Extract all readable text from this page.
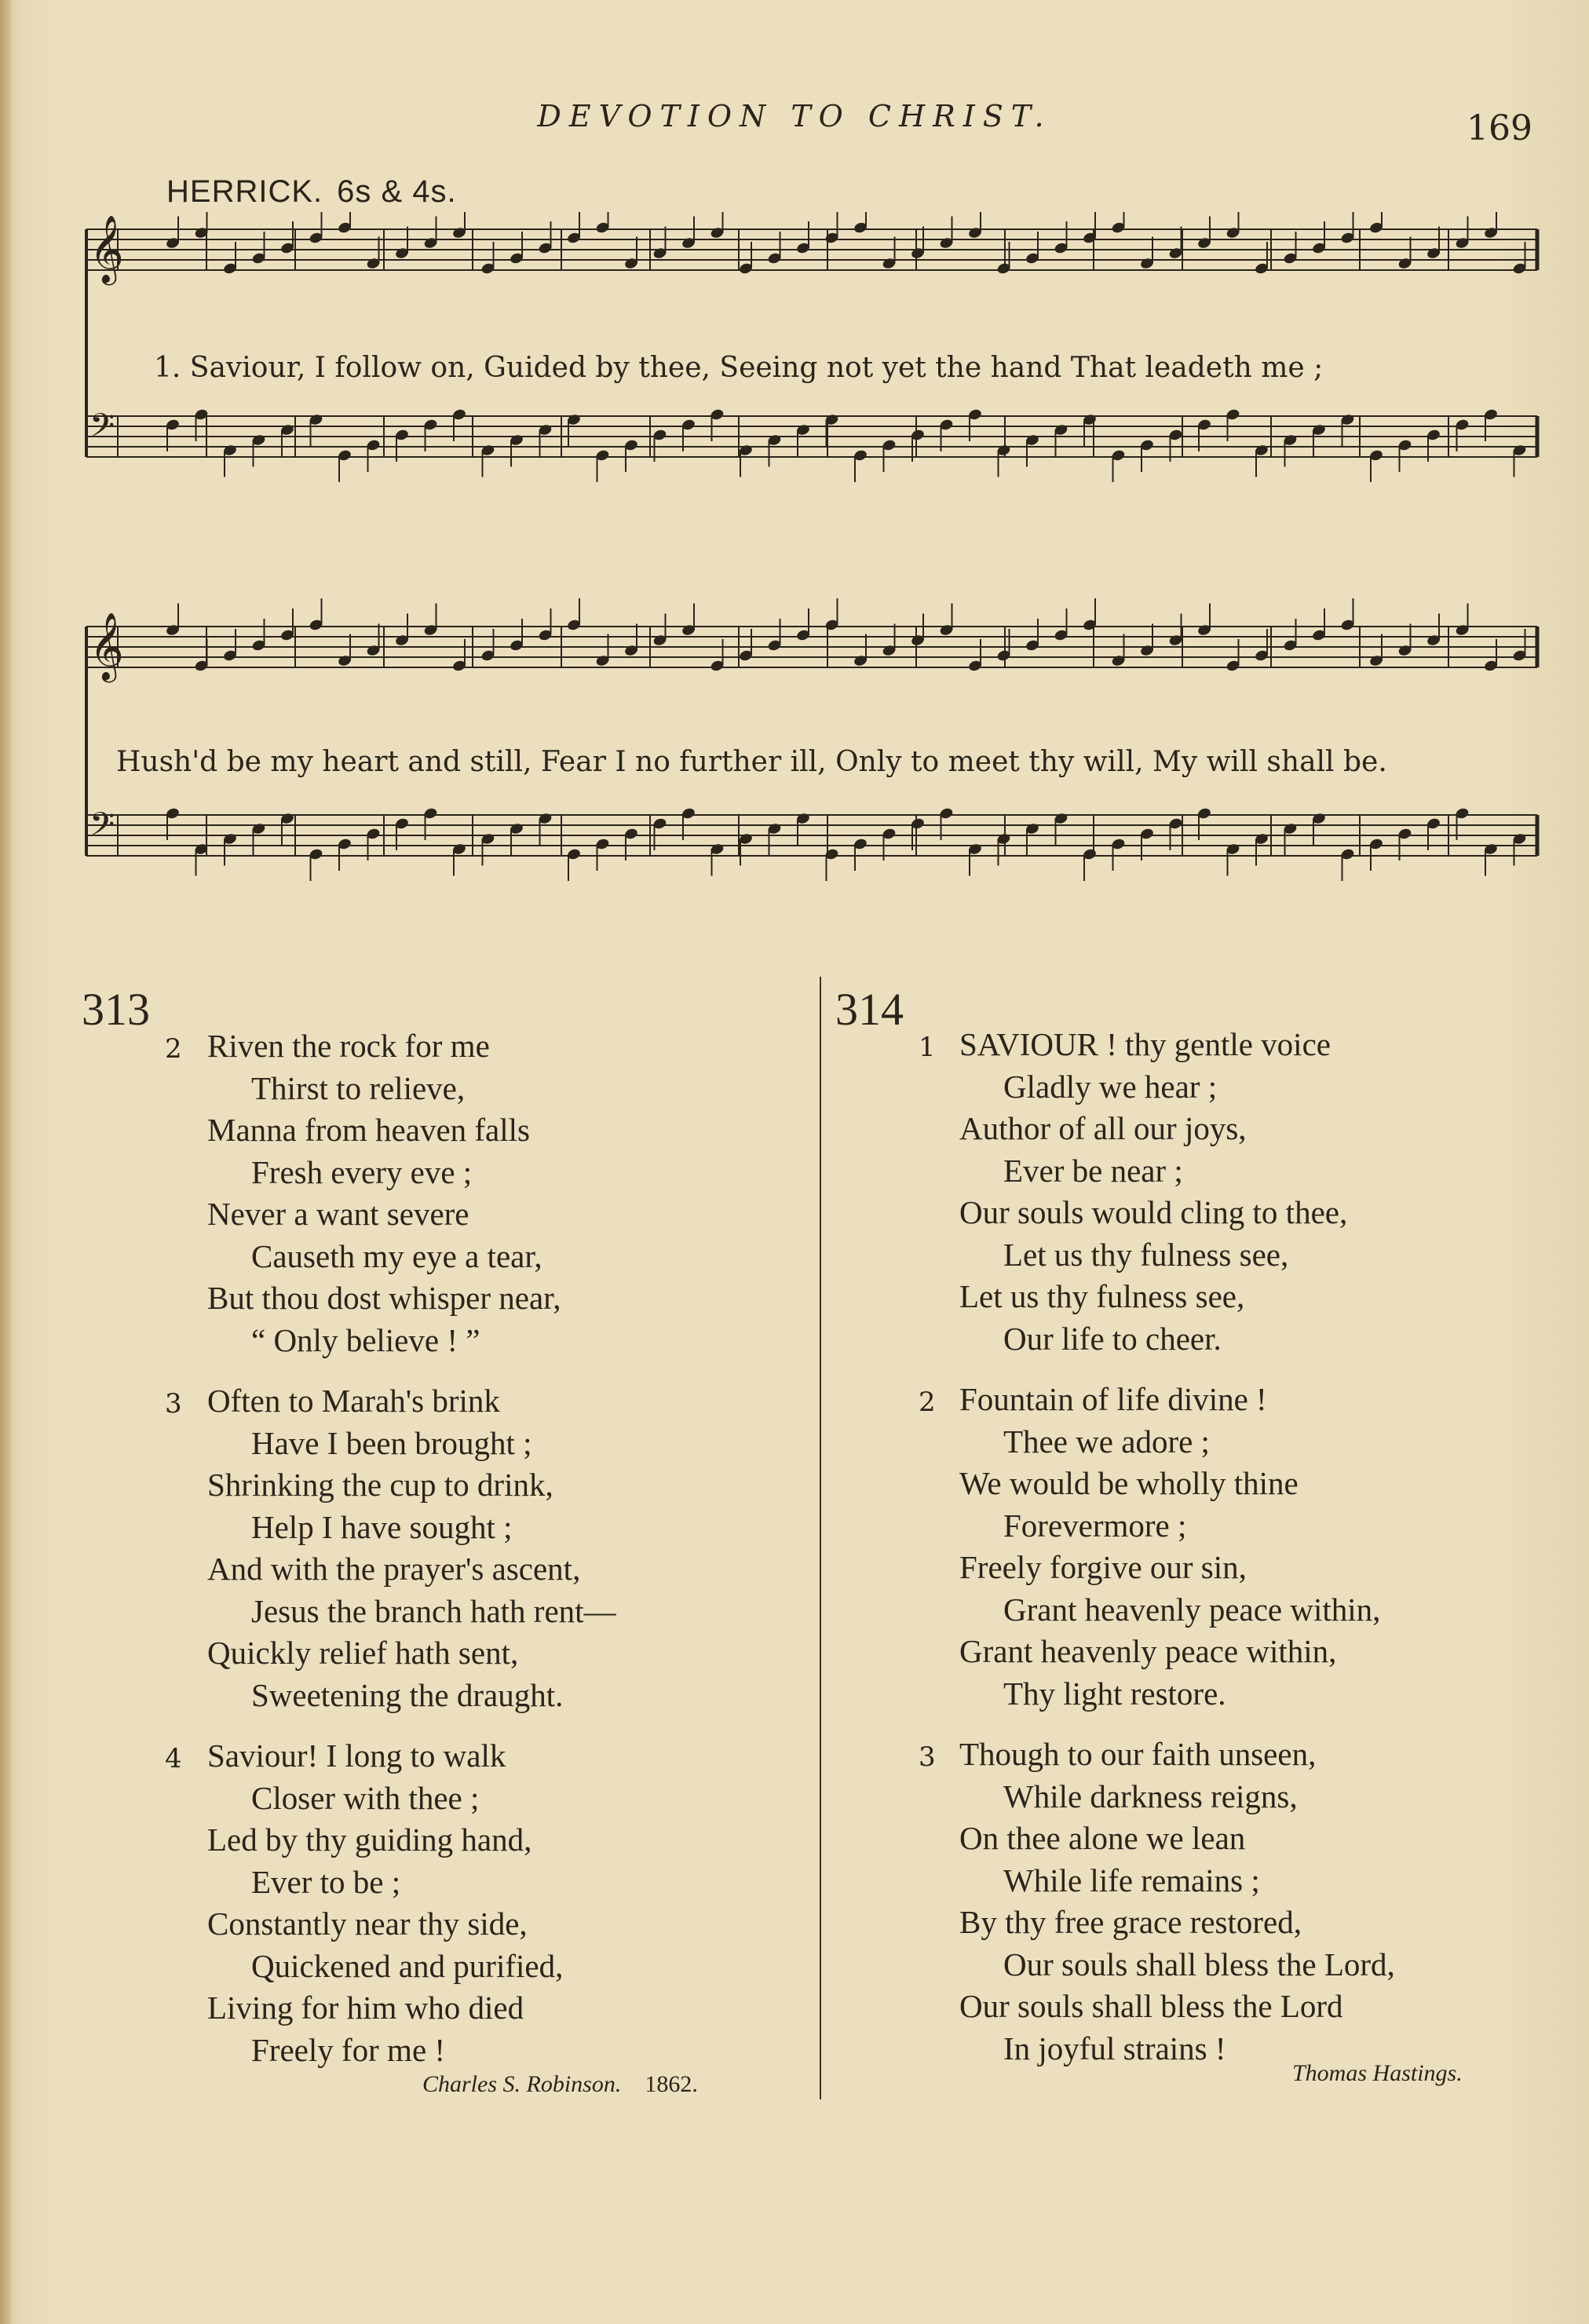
DEVOTION TO CHRIST.	169
HERRICK. 6s & 4s.
𝄞
𝄢
𝄞
𝄢
1. Saviour, I follow on, Guided by thee, Seeing not yet the hand That leadeth me ;
Hush'd be my heart and still, Fear I no further ill, Only to meet thy will, My will shall be.
313
2 Riven the rock for me
Thirst to relieve,
Manna from heaven falls
Fresh every eve ;
Never a want severe
Causeth my eye a tear,
But thou dost whisper near,
“ Only believe ! ”
3 Often to Marah's brink
Have I been brought ;
Shrinking the cup to drink,
Help I have sought ;
And with the prayer's ascent,
Jesus the branch hath rent—
Quickly relief hath sent,
Sweetening the draught.
4 Saviour! I long to walk
Closer with thee ;
Led by thy guiding hand,
Ever to be ;
Constantly near thy side,
Quickened and purified,
Living for him who died
Freely for me !
Charles S. Robinson. 1862.
314
1 SAVIOUR ! thy gentle voice
Gladly we hear ;
Author of all our joys,
Ever be near ;
Our souls would cling to thee,
Let us thy fulness see,
Let us thy fulness see,
Our life to cheer.
2 Fountain of life divine !
Thee we adore ;
We would be wholly thine
Forevermore ;
Freely forgive our sin,
Grant heavenly peace within,
Grant heavenly peace within,
Thy light restore.
3 Though to our faith unseen,
While darkness reigns,
On thee alone we lean
While life remains ;
By thy free grace restored,
Our souls shall bless the Lord,
Our souls shall bless the Lord
In joyful strains !
Thomas Hastings.
